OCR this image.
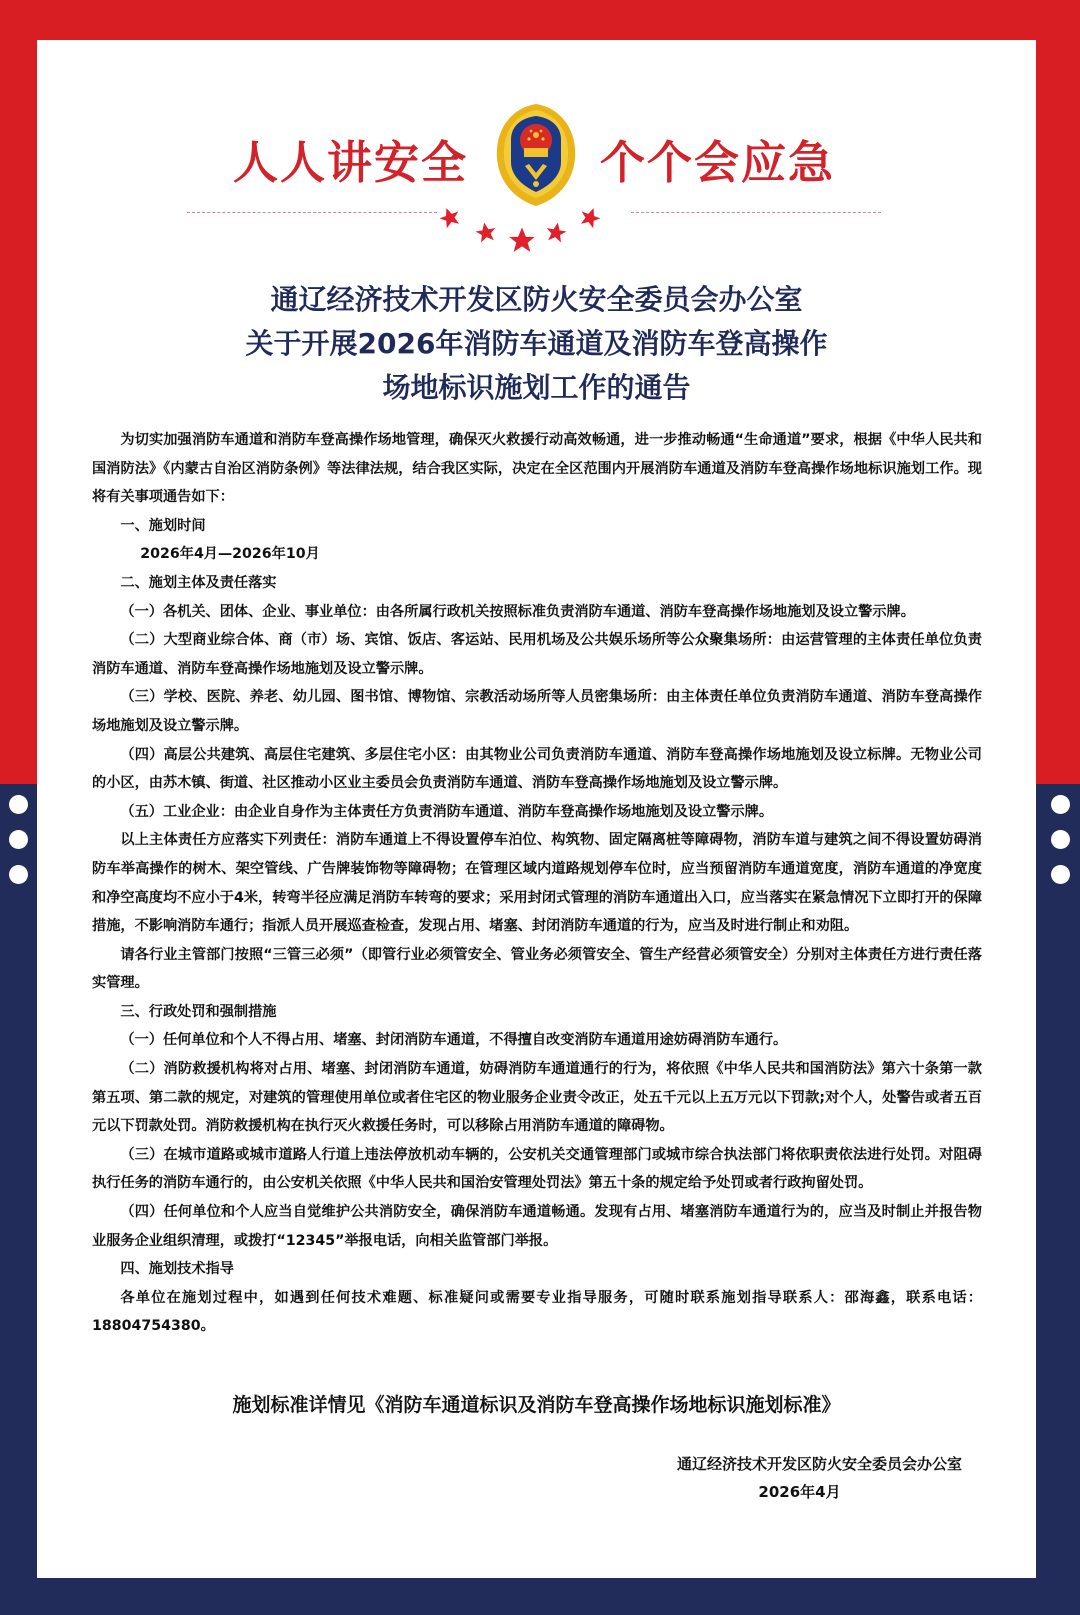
人人讲安全	个个会应急
通辽经济技术开发区防火安全委员会办公室
关于开展2026年消防车通道及消防车登高操作
场地标识施划工作的通告

为切实加强消防车通道和消防车登高操作场地管理，确保灭火救援行动高效畅通，进一步推动畅通“生命通道”要求，根据《中华人民共和国消防法》《内蒙古自治区消防条例》等法律法规，结合我区实际，决定在全区范围内开展消防车通道及消防车登高操作场地标识施划工作。现将有关事项通告如下：

一、施划时间

2026年4月—2026年10月

二、施划主体及责任落实

（一）各机关、团体、企业、事业单位：由各所属行政机关按照标准负责消防车通道、消防车登高操作场地施划及设立警示牌。

（二）大型商业综合体、商（市）场、宾馆、饭店、客运站、民用机场及公共娱乐场所等公众聚集场所：由运营管理的主体责任单位负责消防车通道、消防车登高操作场地施划及设立警示牌。

（三）学校、医院、养老、幼儿园、图书馆、博物馆、宗教活动场所等人员密集场所：由主体责任单位负责消防车通道、消防车登高操作场地施划及设立警示牌。

（四）高层公共建筑、高层住宅建筑、多层住宅小区：由其物业公司负责消防车通道、消防车登高操作场地施划及设立标牌。无物业公司的小区，由苏木镇、街道、社区推动小区业主委员会负责消防车通道、消防车登高操作场地施划及设立警示牌。

（五）工业企业：由企业自身作为主体责任方负责消防车通道、消防车登高操作场地施划及设立警示牌。

以上主体责任方应落实下列责任：消防车通道上不得设置停车泊位、构筑物、固定隔离桩等障碍物，消防车道与建筑之间不得设置妨碍消防车举高操作的树木、架空管线、广告牌装饰物等障碍物；在管理区域内道路规划停车位时，应当预留消防车通道宽度，消防车通道的净宽度和净空高度均不应小于4米，转弯半径应满足消防车转弯的要求；采用封闭式管理的消防车通道出入口，应当落实在紧急情况下立即打开的保障措施，不影响消防车通行；指派人员开展巡查检查，发现占用、堵塞、封闭消防车通道的行为，应当及时进行制止和劝阻。

请各行业主管部门按照“三管三必须”（即管行业必须管安全、管业务必须管安全、管生产经营必须管安全）分别对主体责任方进行责任落实管理。

三、行政处罚和强制措施

（一）任何单位和个人不得占用、堵塞、封闭消防车通道，不得擅自改变消防车通道用途妨碍消防车通行。

（二）消防救援机构将对占用、堵塞、封闭消防车通道，妨碍消防车通道通行的行为，将依照《中华人民共和国消防法》第六十条第一款第五项、第二款的规定，对建筑的管理使用单位或者住宅区的物业服务企业责令改正，处五千元以上五万元以下罚款;对个人，处警告或者五百元以下罚款处罚。消防救援机构在执行灭火救援任务时，可以移除占用消防车通道的障碍物。

（三）在城市道路或城市道路人行道上违法停放机动车辆的，公安机关交通管理部门或城市综合执法部门将依职责依法进行处罚。对阻碍执行任务的消防车通行的，由公安机关依照《中华人民共和国治安管理处罚法》第五十条的规定给予处罚或者行政拘留处罚。

（四）任何单位和个人应当自觉维护公共消防安全，确保消防车通道畅通。发现有占用、堵塞消防车通道行为的，应当及时制止并报告物业服务企业组织清理，或拨打“12345”举报电话，向相关监管部门举报。

四、施划技术指导

各单位在施划过程中，如遇到任何技术难题、标准疑问或需要专业指导服务，可随时联系施划指导联系人：邵海鑫，联系电话：18804754380。

施划标准详情见《消防车通道标识及消防车登高操作场地标识施划标准》
通辽经济技术开发区防火安全委员会办公室
2026年4月
